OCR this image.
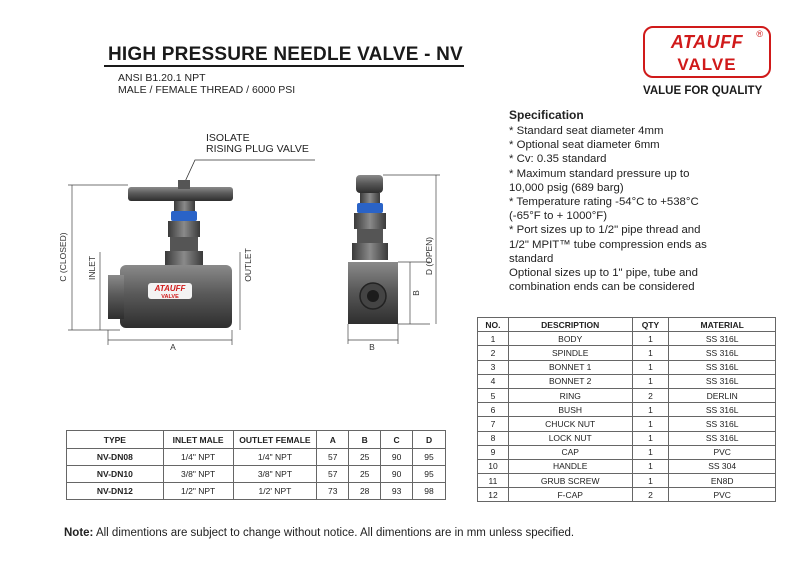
HIGH PRESSURE NEEDLE VALVE - NV
ANSI B1.20.1 NPT
MALE / FEMALE THREAD / 6000 PSI
ATAUFF	®
VALVE
VALUE FOR QUALITY
ATAUFF
VALVE
A
C (CLOSED) INLET	OUTLET
B
B
D (OPEN)
ISOLATE
RISING PLUG VALVE
Specification
* Standard seat diameter 4mm
* Optional seat diameter 6mm
* Cv: 0.35 standard
* Maximum standard pressure up to
10,000 psig (689 barg)
* Temperature rating -54°C to +538°C
(-65°F to + 1000°F)
* Port sizes up to 1/2" pipe thread and
1/2" MPIT™ tube compression ends as
standard
Optional sizes up to 1" pipe, tube and
combination ends can be considered
NO.	DESCRIPTION	QTY	MATERIAL
1	BODY	1	SS 316L
2	SPINDLE	1	SS 316L
3	BONNET 1	1	SS 316L
4	BONNET 2	1	SS 316L
5	RING	2	DERLIN
6	BUSH	1	SS 316L
7	CHUCK NUT	1	SS 316L
8	LOCK NUT	1	SS 316L
9	CAP	1	PVC
10	HANDLE	1	SS 304
11	GRUB SCREW	1	EN8D
12	F-CAP	2	PVC
TYPE	INLET MALE	OUTLET FEMALE	A	B	C	D
NV-DN08	1/4" NPT	1/4" NPT	57	25	90	95
NV-DN10	3/8" NPT	3/8" NPT	57	25	90	95
NV-DN12	1/2" NPT	1/2' NPT	73	28	93	98
Note: All dimentions are subject to change without notice. All dimentions are in mm unless specified.
